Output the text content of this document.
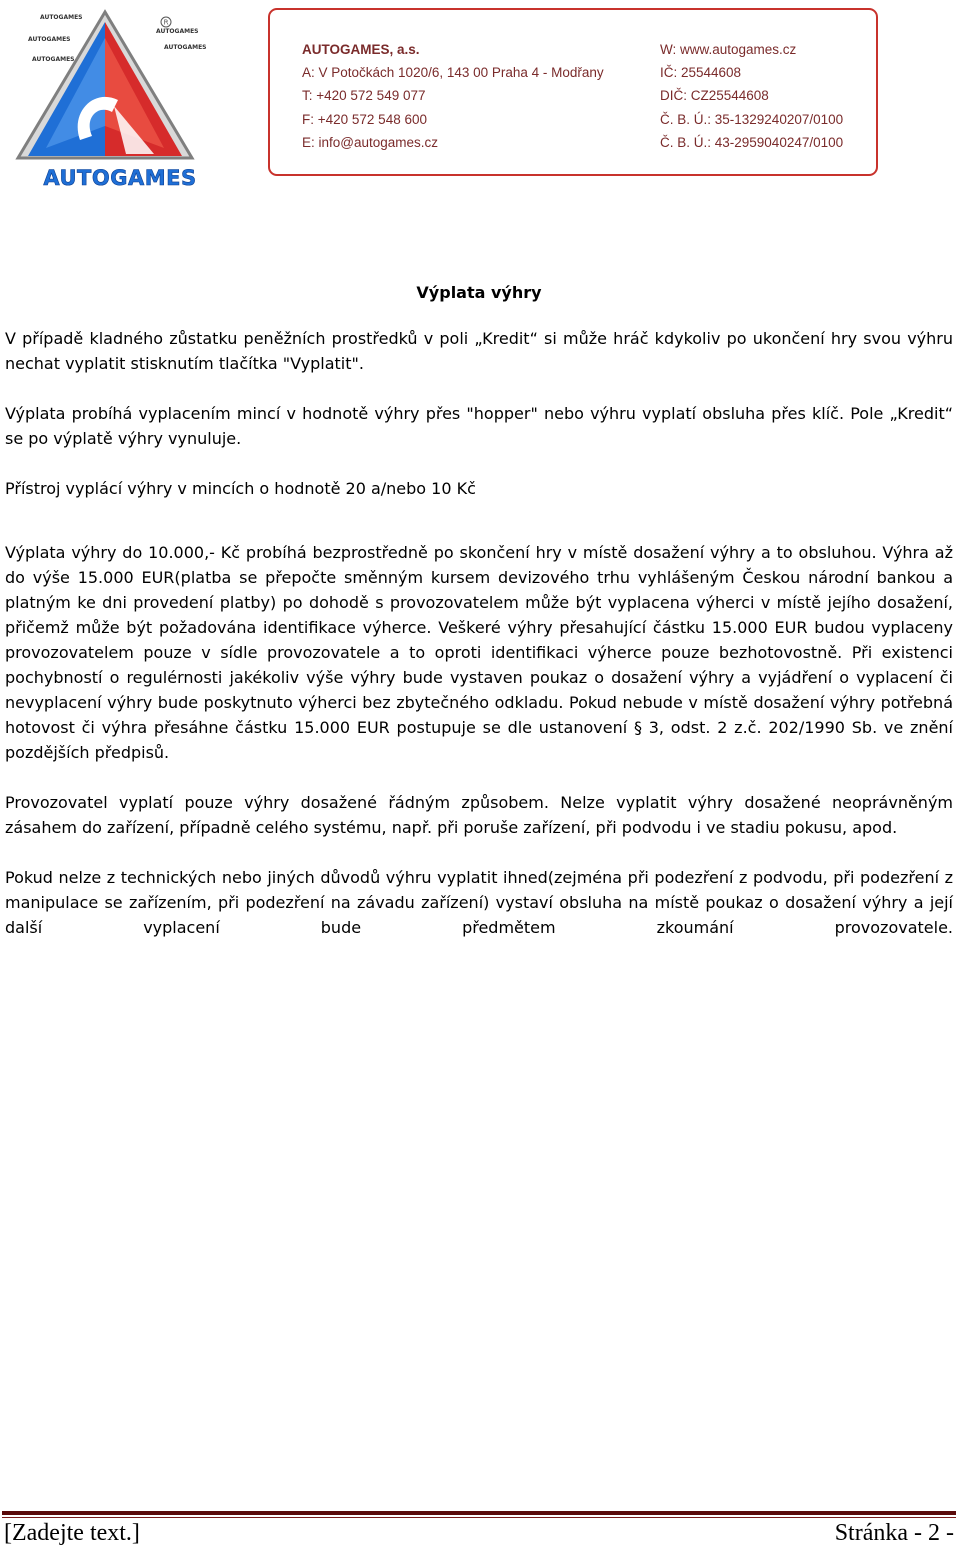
R
AUTOGAMES
AUTOGAMES
AUTOGAMES
AUTOGAMES
AUTOGAMES
AUTOGAMES
AUTOGAMES, a.s.
A: V Potočkách 1020/6, 143 00 Praha 4 - Modřany
T: +420 572 549 077
F: +420 572 548 600
E: info@autogames.cz
W: www.autogames.cz
IČ: 25544608
DIČ: CZ25544608
Č. B. Ú.: 35-1329240207/0100
Č. B. Ú.: 43-2959040247/0100
Výplata výhry

V případě kladného zůstatku peněžních prostředků v poli „Kredit“ si může hráč kdykoliv po ukončení hry svou výhru nechat vyplatit stisknutím tlačítka "Vyplatit".

Výplata probíhá vyplacením mincí v hodnotě výhry přes "hopper" nebo výhru vyplatí obsluha přes klíč. Pole „Kredit“ se po výplatě výhry vynuluje.

Přístroj vyplácí výhry v mincích o hodnotě 20 a/nebo 10 Kč

Výplata výhry do 10.000,- Kč probíhá bezprostředně po skončení hry v místě dosažení výhry a to obsluhou. Výhra až do výše 15.000 EUR(platba se přepočte směnným kursem devizového trhu vyhlášeným Českou národní bankou a platným ke dni provedení platby) po dohodě s provozovatelem může být vyplacena výherci v místě jejího dosažení, přičemž může být požadována identifikace výherce. Veškeré výhry přesahující částku 15.000 EUR budou vyplaceny provozovatelem pouze v sídle provozovatele a to oproti identifikaci výherce pouze bezhotovostně. Při existenci pochybností o regulérnosti jakékoliv výše výhry bude vystaven poukaz o dosažení výhry a vyjádření o vyplacení či nevyplacení výhry bude poskytnuto výherci bez zbytečného odkladu. Pokud nebude v místě dosažení výhry potřebná hotovost či výhra přesáhne částku 15.000 EUR postupuje se dle ustanovení § 3, odst. 2 z.č. 202/1990 Sb. ve znění pozdějších předpisů.

Provozovatel vyplatí pouze výhry dosažené řádným způsobem. Nelze vyplatit výhry dosažené neoprávněným zásahem do zařízení, případně celého systému, např. při poruše zařízení, při podvodu i ve stadiu pokusu, apod.

Pokud nelze z technických nebo jiných důvodů výhru vyplatit ihned(zejména při podezření z podvodu, při podezření z manipulace se zařízením, při podezření na závadu zařízení) vystaví obsluha na místě poukaz o dosažení výhry a její další vyplacení bude předmětem zkoumání provozovatele.

[Zadejte text.]	Stránka - 2 -
